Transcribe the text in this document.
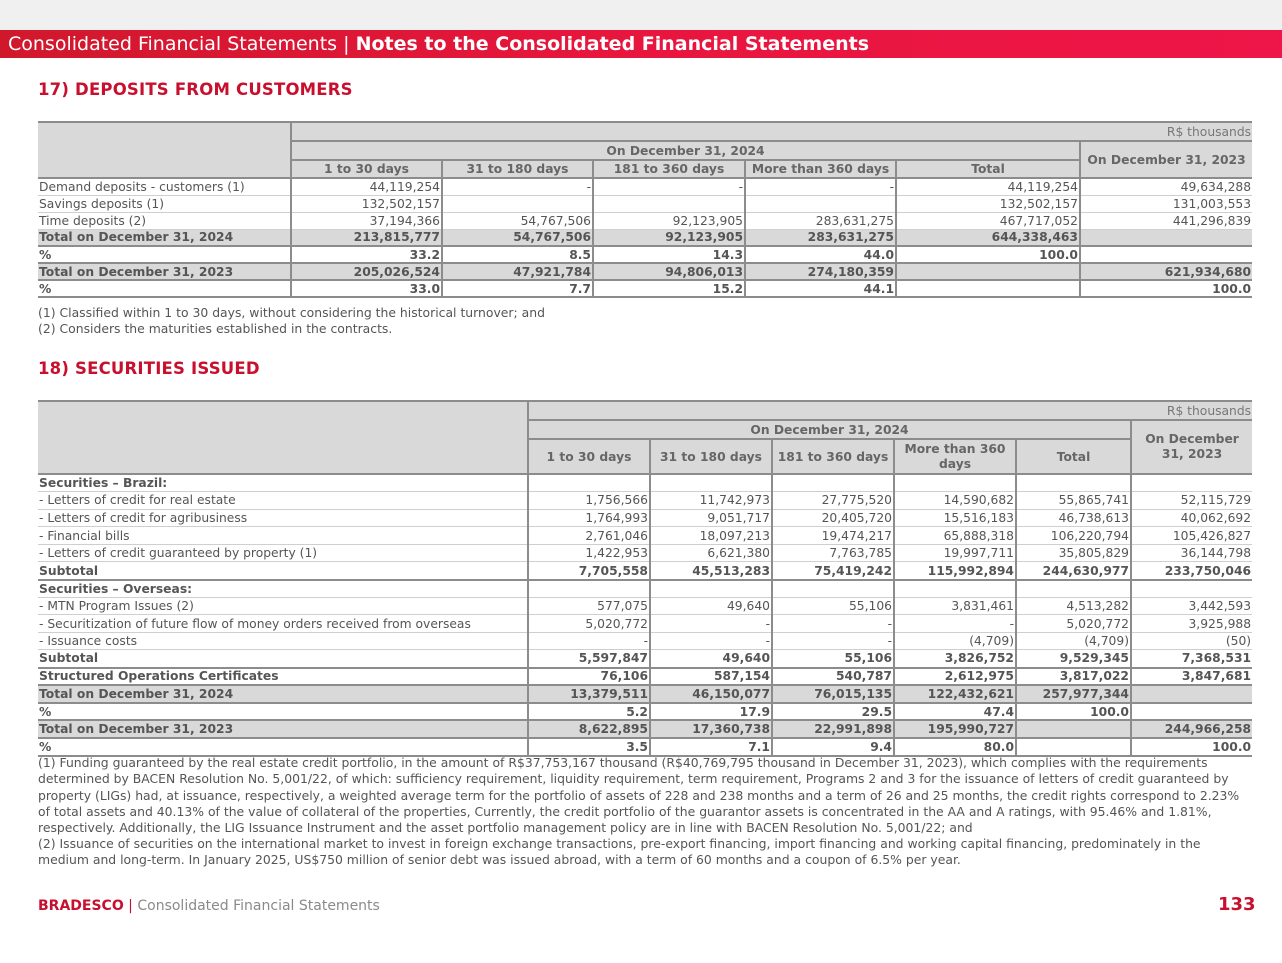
Consolidated Financial Statements | Notes to the Consolidated Financial Statements
17) DEPOSITS FROM CUSTOMERS
	R$ thousands					
	On December 31, 2024					On December 31, 2023
	1 to 30 days	31 to 180 days	181 to 360 days	More than 360 days	Total	
Demand deposits - customers (1)	44,119,254	-	-	-	44,119,254	49,634,288
Savings deposits (1)	132,502,157				132,502,157	131,003,553
Time deposits (2)	37,194,366	54,767,506	92,123,905	283,631,275	467,717,052	441,296,839
Total on December 31, 2024	213,815,777	54,767,506	92,123,905	283,631,275	644,338,463	
%	33.2	8.5	14.3	44.0	100.0	
Total on December 31, 2023	205,026,524	47,921,784	94,806,013	274,180,359		621,934,680
%	33.0	7.7	15.2	44.1		100.0
(1) Classified within 1 to 30 days, without considering the historical turnover; and
(2) Considers the maturities established in the contracts.
18) SECURITIES ISSUED
	R$ thousands					
	On December 31, 2024					On December 31, 2023
	1 to 30 days	31 to 180 days	181 to 360 days	More than 360 days	Total	
Securities – Brazil:						
- Letters of credit for real estate	1,756,566	11,742,973	27,775,520	14,590,682	55,865,741	52,115,729
- Letters of credit for agribusiness	1,764,993	9,051,717	20,405,720	15,516,183	46,738,613	40,062,692
- Financial bills	2,761,046	18,097,213	19,474,217	65,888,318	106,220,794	105,426,827
- Letters of credit guaranteed by property (1)	1,422,953	6,621,380	7,763,785	19,997,711	35,805,829	36,144,798
Subtotal	7,705,558	45,513,283	75,419,242	115,992,894	244,630,977	233,750,046
Securities – Overseas:						
- MTN Program Issues (2)	577,075	49,640	55,106	3,831,461	4,513,282	3,442,593
- Securitization of future flow of money orders received from overseas	5,020,772	-	-	-	5,020,772	3,925,988
- Issuance costs	-	-	-	(4,709)	(4,709)	(50)
Subtotal	5,597,847	49,640	55,106	3,826,752	9,529,345	7,368,531
Structured Operations Certificates	76,106	587,154	540,787	2,612,975	3,817,022	3,847,681
Total on December 31, 2024	13,379,511	46,150,077	76,015,135	122,432,621	257,977,344	
%	5.2	17.9	29.5	47.4	100.0	
Total on December 31, 2023	8,622,895	17,360,738	22,991,898	195,990,727		244,966,258
%	3.5	7.1	9.4	80.0		100.0
(1) Funding guaranteed by the real estate credit portfolio, in the amount of R$37,753,167 thousand (R$40,769,795 thousand in December 31, 2023), which complies with the requirements determined by BACEN Resolution No. 5,001/22, of which: sufficiency requirement, liquidity requirement, term requirement, Programs 2 and 3 for the issuance of letters of credit guaranteed by property (LIGs) had, at issuance, respectively, a weighted average term for the portfolio of assets of 228 and 238 months and a term of 26 and 25 months, the credit rights correspond to 2.23% of total assets and 40.13% of the value of collateral of the properties, Currently, the credit portfolio of the guarantor assets is concentrated in the AA and A ratings, with 95.46% and 1.81%, respectively. Additionally, the LIG Issuance Instrument and the asset portfolio management policy are in line with BACEN Resolution No. 5,001/22; and
(2) Issuance of securities on the international market to invest in foreign exchange transactions, pre-export financing, import financing and working capital financing, predominately in the medium and long-term. In January 2025, US$750 million of senior debt was issued abroad, with a term of 60 months and a coupon of 6.5% per year.
BRADESCO | Consolidated Financial Statements	133
